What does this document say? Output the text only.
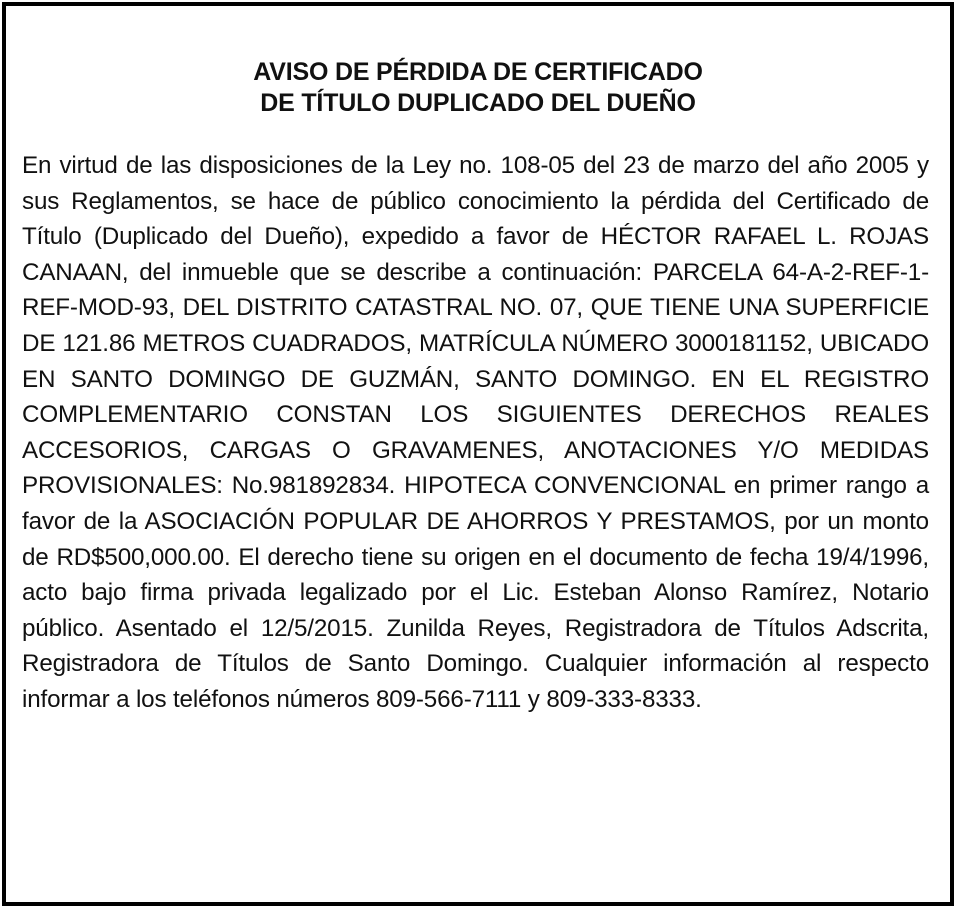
AVISO DE PÉRDIDA DE CERTIFICADO
DE TÍTULO DUPLICADO DEL DUEÑO

En virtud de las disposiciones de la Ley no. 108-05 del 23 de marzo del año 2005 y sus Reglamentos, se hace de público conocimiento la pérdida del Certificado de Título (Duplicado del Dueño), expedido a favor de HÉCTOR RAFAEL L. ROJAS CANAAN, del inmueble que se describe a continuación: PARCELA 64-A-2-REF-1-REF-MOD-93, DEL DISTRITO CATASTRAL NO. 07, QUE TIENE UNA SUPERFICIE DE 121.86 METROS CUADRADOS, MATRÍCULA NÚMERO 3000181152, UBICADO EN SANTO DOMINGO DE GUZMÁN, SANTO DOMINGO. EN EL REGISTRO COMPLEMENTARIO CONSTAN LOS SIGUIENTES DERECHOS REALES ACCESORIOS, CARGAS O GRAVAMENES, ANOTACIONES Y/O MEDIDAS PROVISIONALES: No.981892834. HIPOTECA CONVENCIONAL en primer rango a favor de la ASOCIACIÓN POPULAR DE AHORROS Y PRESTAMOS, por un monto de RD$500,000.00. El derecho tiene su origen en el documento de fecha 19/4/1996, acto bajo firma privada legalizado por el Lic. Esteban Alonso Ramírez, Notario público. Asentado el 12/5/2015. Zunilda Reyes, Registradora de Títulos Adscrita, Registradora de Títulos de Santo Domingo. Cualquier información al respecto informar a los teléfonos números 809-566-7111 y 809-333-8333.
